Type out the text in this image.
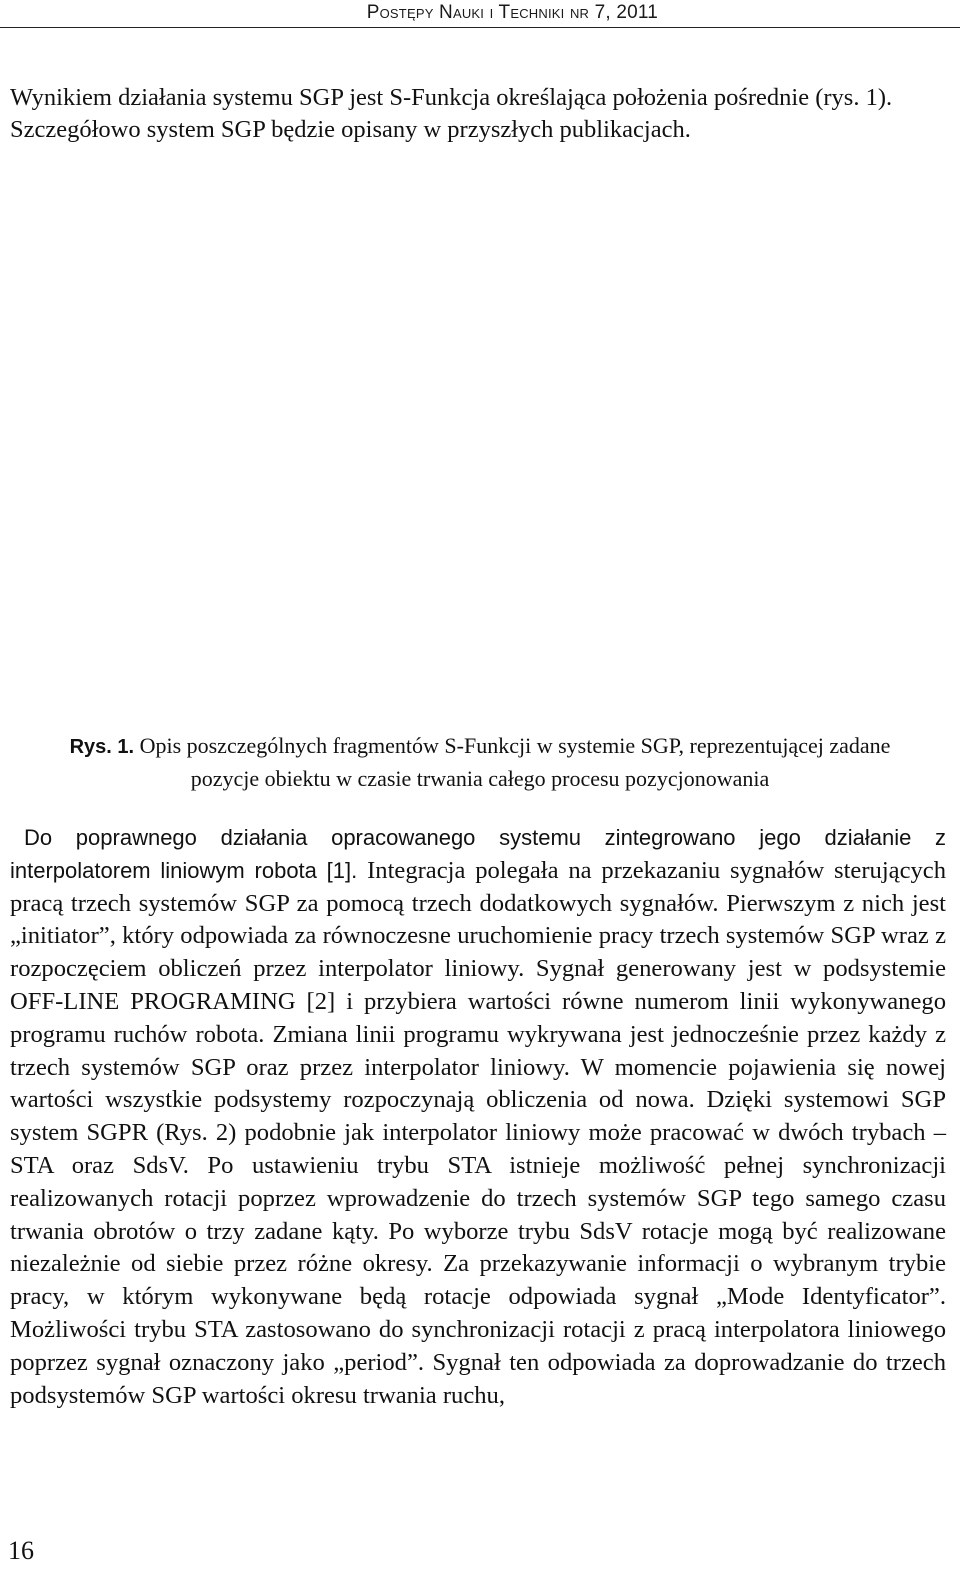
Postępy Nauki i Techniki nr 7, 2011

Wynikiem działania systemu SGP jest S-Funkcja określająca położenia pośrednie (rys. 1). Szczegółowo system SGP będzie opisany w przyszłych publikacjach.

Rys. 1. Opis poszczególnych fragmentów S-Funkcji w systemie SGP, reprezentującej zadane pozycje obiektu w czasie trwania całego procesu pozycjonowania

Do poprawnego działania opracowanego systemu zintegrowano jego działanie z interpolatorem liniowym robota [1]. Integracja polegała na przekazaniu sygnałów sterujących pracą trzech systemów SGP za pomocą trzech dodatkowych sygnałów. Pierwszym z nich jest „initiator”, który odpowiada za równoczesne uruchomienie pracy trzech systemów SGP wraz z rozpoczęciem obliczeń przez interpolator liniowy. Sygnał generowany jest w podsystemie OFF-LINE PROGRAMING [2] i przybiera wartości równe numerom linii wykonywanego programu ruchów robota. Zmiana linii programu wykrywana jest jednocześnie przez każdy z trzech systemów SGP oraz przez interpolator liniowy. W momencie pojawienia się nowej wartości wszystkie podsystemy rozpoczynają obliczenia od nowa. Dzięki systemowi SGP system SGPR (Rys. 2) podobnie jak interpolator liniowy może pracować w dwóch trybach – STA oraz SdsV. Po ustawieniu trybu STA istnieje możliwość pełnej synchronizacji realizowanych rotacji poprzez wprowadzenie do trzech systemów SGP tego samego czasu trwania obrotów o trzy zadane kąty. Po wyborze trybu SdsV rotacje mogą być realizowane niezależnie od siebie przez różne okresy. Za przekazywanie informacji o wybranym trybie pracy, w którym wykonywane będą rotacje odpowiada sygnał „Mode Identyficator”. Możliwości trybu STA zastosowano do synchronizacji rotacji z pracą interpolatora liniowego poprzez sygnał oznaczony jako „period”. Sygnał ten odpowiada za doprowadzanie do trzech podsystemów SGP wartości okresu trwania ruchu,

16
